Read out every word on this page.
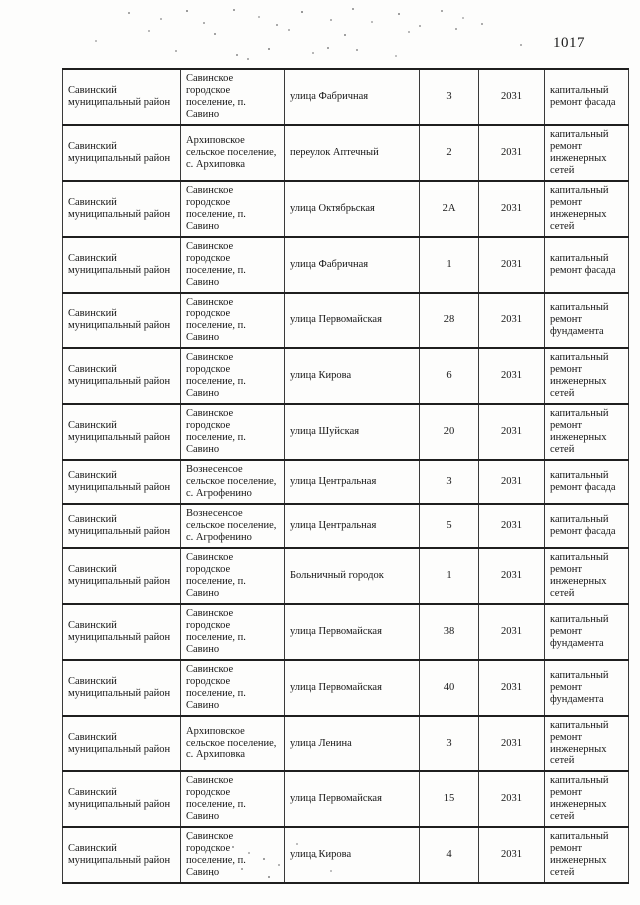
1017
Савинский муниципальный район	Савинское городское поселение, п. Савино	улица Фабричная	3	2031	капитальный ремонт фасада
Савинский муниципальный район	Архиповское сельское поселение, с. Архиповка	переулок Аптечный	2	2031	капитальный ремонт инженерных сетей
Савинский муниципальный район	Савинское городское поселение, п. Савино	улица Октябрьская	2А	2031	капитальный ремонт инженерных сетей
Савинский муниципальный район	Савинское городское поселение, п. Савино	улица Фабричная	1	2031	капитальный ремонт фасада
Савинский муниципальный район	Савинское городское поселение, п. Савино	улица Первомайская	28	2031	капитальный ремонт фундамента
Савинский муниципальный район	Савинское городское поселение, п. Савино	улица Кирова	6	2031	капитальный ремонт инженерных сетей
Савинский муниципальный район	Савинское городское поселение, п. Савино	улица Шуйская	20	2031	капитальный ремонт инженерных сетей
Савинский муниципальный район	Вознесенсое сельское поселение, с. Агрофенино	улица Центральная	3	2031	капитальный ремонт фасада
Савинский муниципальный район	Вознесенсое сельское поселение, с. Агрофенино	улица Центральная	5	2031	капитальный ремонт фасада
Савинский муниципальный район	Савинское городское поселение, п. Савино	Больничный городок	1	2031	капитальный ремонт инженерных сетей
Савинский муниципальный район	Савинское городское поселение, п. Савино	улица Первомайская	38	2031	капитальный ремонт фундамента
Савинский муниципальный район	Савинское городское поселение, п. Савино	улица Первомайская	40	2031	капитальный ремонт фундамента
Савинский муниципальный район	Архиповское сельское поселение, с. Архиповка	улица Ленина	3	2031	капитальный ремонт инженерных сетей
Савинский муниципальный район	Савинское городское поселение, п. Савино	улица Первомайская	15	2031	капитальный ремонт инженерных сетей
Савинский муниципальный район	Савинское городское поселение, п. Савино	улица Кирова	4	2031	капитальный ремонт инженерных сетей
